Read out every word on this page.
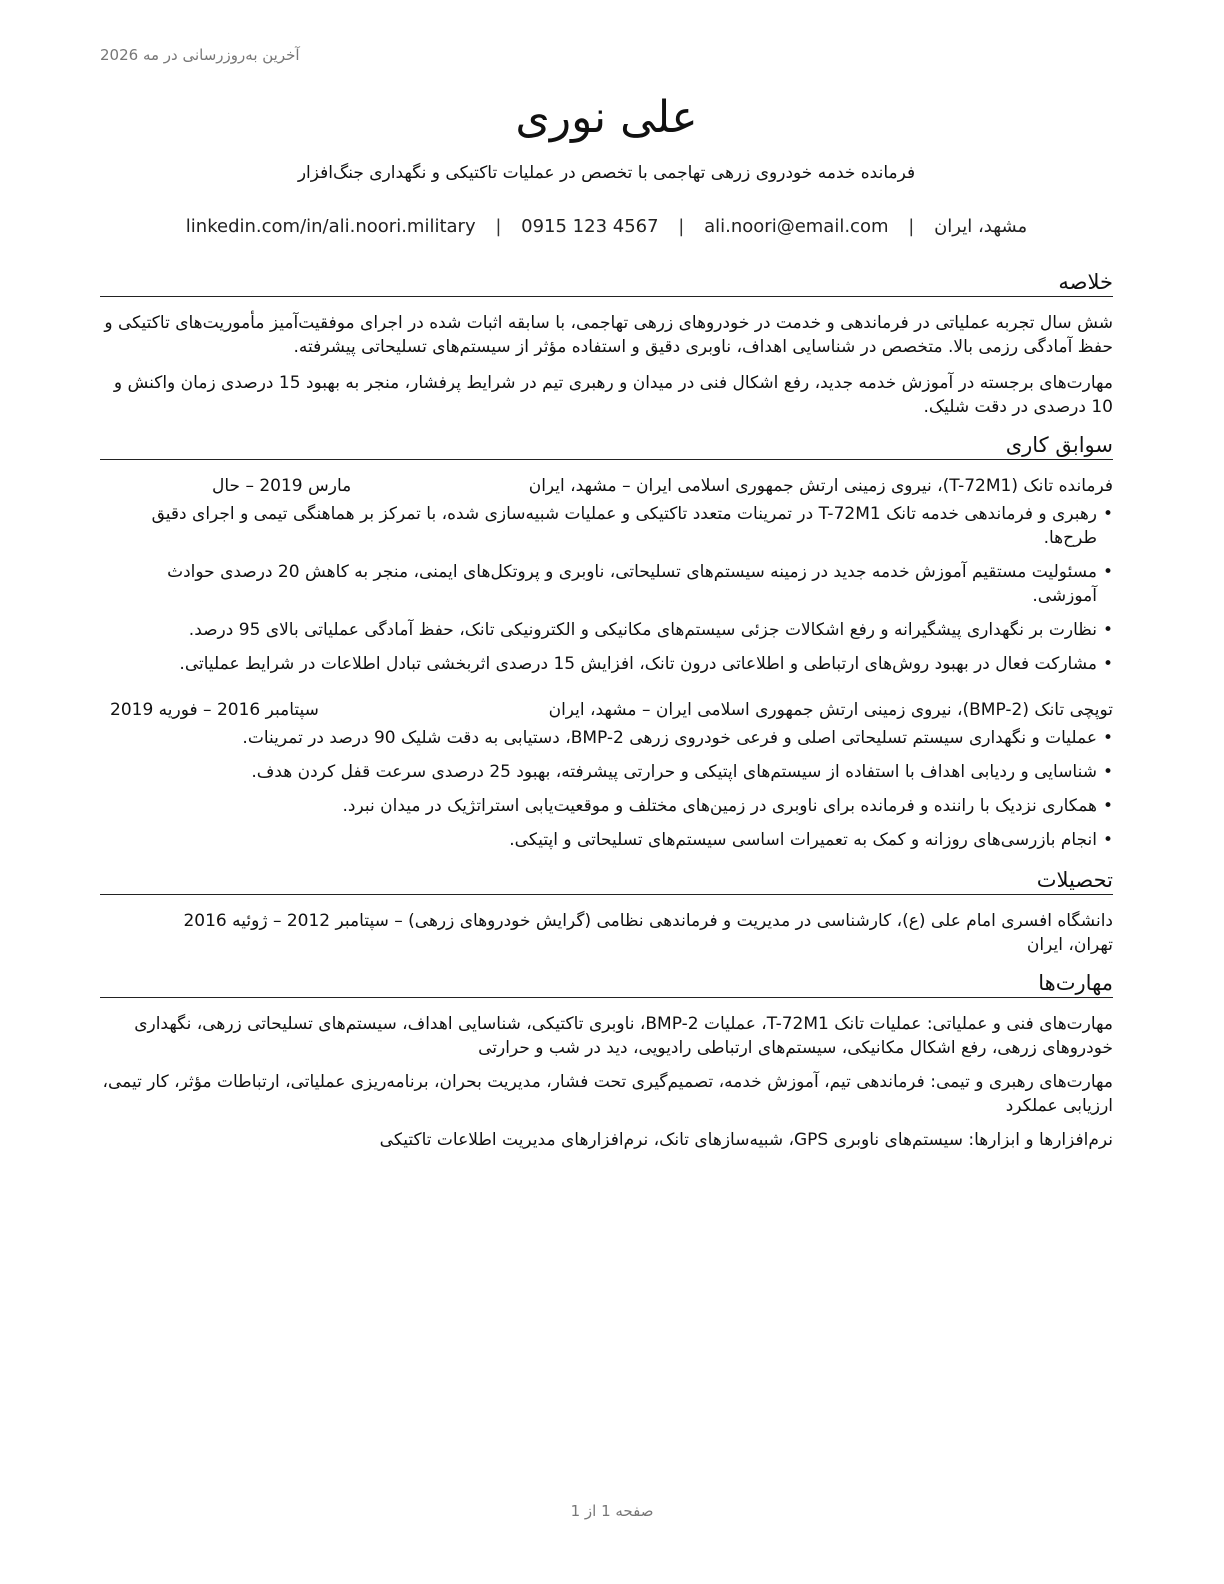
آخرین به‌روزرسانی در مه 2026
علی نوری
فرمانده خدمه خودروی زرهی تهاجمی با تخصص در عملیات تاکتیکی و نگهداری جنگ‌افزار
مشهد، ایران | ali.noori@email.com | 0915 123 4567 | linkedin.com/in/ali.noori.military
خلاصه

شش سال تجربه عملیاتی در فرماندهی و خدمت در خودروهای زرهی تهاجمی، با سابقه اثبات شده در اجرای موفقیت‌آمیز مأموریت‌های تاکتیکی و حفظ آمادگی رزمی بالا. متخصص در شناسایی اهداف، ناوبری دقیق و استفاده مؤثر از سیستم‌های تسلیحاتی پیشرفته.

مهارت‌های برجسته در آموزش خدمه جدید، رفع اشکال فنی در میدان و رهبری تیم در شرایط پرفشار، منجر به بهبود 15 درصدی زمان واکنش و 10 درصدی در دقت شلیک.

سوابق کاری
فرمانده تانک (T-72M1)
، نیروی زمینی ارتش جمهوری اسلامی ایران – مشهد، ایران
مارس 2019 – حال
• رهبری و فرماندهی خدمه تانک T-72M1 در تمرینات متعدد تاکتیکی و عملیات شبیه‌سازی شده، با تمرکز بر هماهنگی تیمی و اجرای دقیق طرح‌ها.
• مسئولیت مستقیم آموزش خدمه جدید در زمینه سیستم‌های تسلیحاتی، ناوبری و پروتکل‌های ایمنی، منجر به کاهش 20 درصدی حوادث آموزشی.
• نظارت بر نگهداری پیشگیرانه و رفع اشکالات جزئی سیستم‌های مکانیکی و الکترونیکی تانک، حفظ آمادگی عملیاتی بالای 95 درصد.
• مشارکت فعال در بهبود روش‌های ارتباطی و اطلاعاتی درون تانک، افزایش 15 درصدی اثربخشی تبادل اطلاعات در شرایط عملیاتی.
توپچی تانک (BMP-2)
، نیروی زمینی ارتش جمهوری اسلامی ایران – مشهد، ایران
سپتامبر 2016 – فوریه 2019
• عملیات و نگهداری سیستم تسلیحاتی اصلی و فرعی خودروی زرهی BMP-2، دستیابی به دقت شلیک 90 درصد در تمرینات.
• شناسایی و ردیابی اهداف با استفاده از سیستم‌های اپتیکی و حرارتی پیشرفته، بهبود 25 درصدی سرعت قفل کردن هدف.
• همکاری نزدیک با راننده و فرمانده برای ناوبری در زمین‌های مختلف و موقعیت‌یابی استراتژیک در میدان نبرد.
• انجام بازرسی‌های روزانه و کمک به تعمیرات اساسی سیستم‌های تسلیحاتی و اپتیکی.
تحصیلات
دانشگاه افسری امام علی (ع)، کارشناسی در مدیریت و فرماندهی نظامی (گرایش خودروهای زرهی) – سپتامبر 2012 – ژوئیه 2016
تهران، ایران
مهارت‌ها
مهارت‌های فنی و عملیاتی: عملیات تانک T-72M1، عملیات BMP-2، ناوبری تاکتیکی، شناسایی اهداف، سیستم‌های تسلیحاتی زرهی، نگهداری خودروهای زرهی، رفع اشکال مکانیکی، سیستم‌های ارتباطی رادیویی، دید در شب و حرارتی
مهارت‌های رهبری و تیمی: فرماندهی تیم، آموزش خدمه، تصمیم‌گیری تحت فشار، مدیریت بحران، برنامه‌ریزی عملیاتی، ارتباطات مؤثر، کار تیمی، ارزیابی عملکرد
نرم‌افزارها و ابزارها: سیستم‌های ناوبری GPS، شبیه‌سازهای تانک، نرم‌افزارهای مدیریت اطلاعات تاکتیکی
صفحه 1 از 1
